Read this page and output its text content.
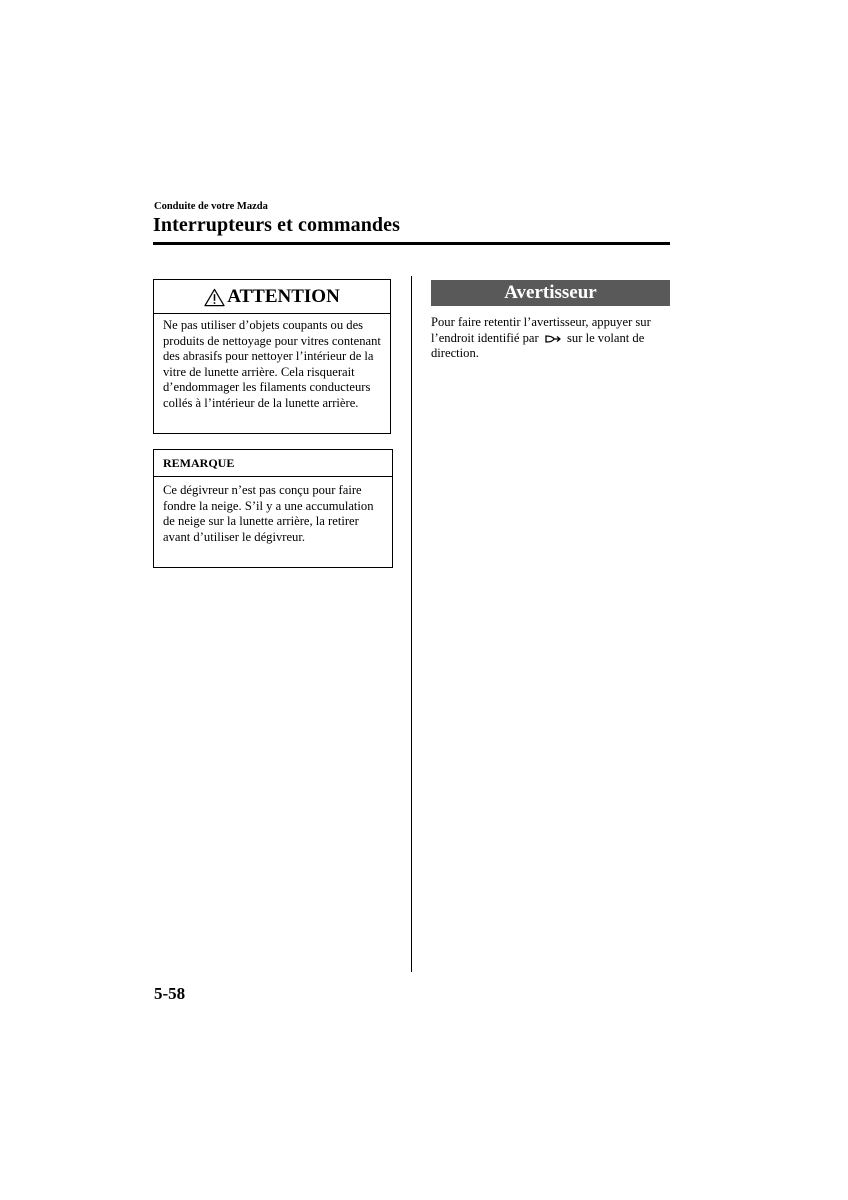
Conduite de votre Mazda
Interrupteurs et commandes
ATTENTION
Ne pas utiliser d’objets coupants ou des produits de nettoyage pour vitres contenant des abrasifs pour nettoyer l’intérieur de la vitre de lunette arrière. Cela risquerait d’endommager les filaments conducteurs collés à l’intérieur de la lunette arrière.
REMARQUE
Ce dégivreur n’est pas conçu pour faire fondre la neige. S’il y a une accumulation de neige sur la lunette arrière, la retirer avant d’utiliser le dégivreur.
Avertisseur
Pour faire retentir l’avertisseur, appuyer sur l’endroit identifié par sur le volant de direction.
5-58
